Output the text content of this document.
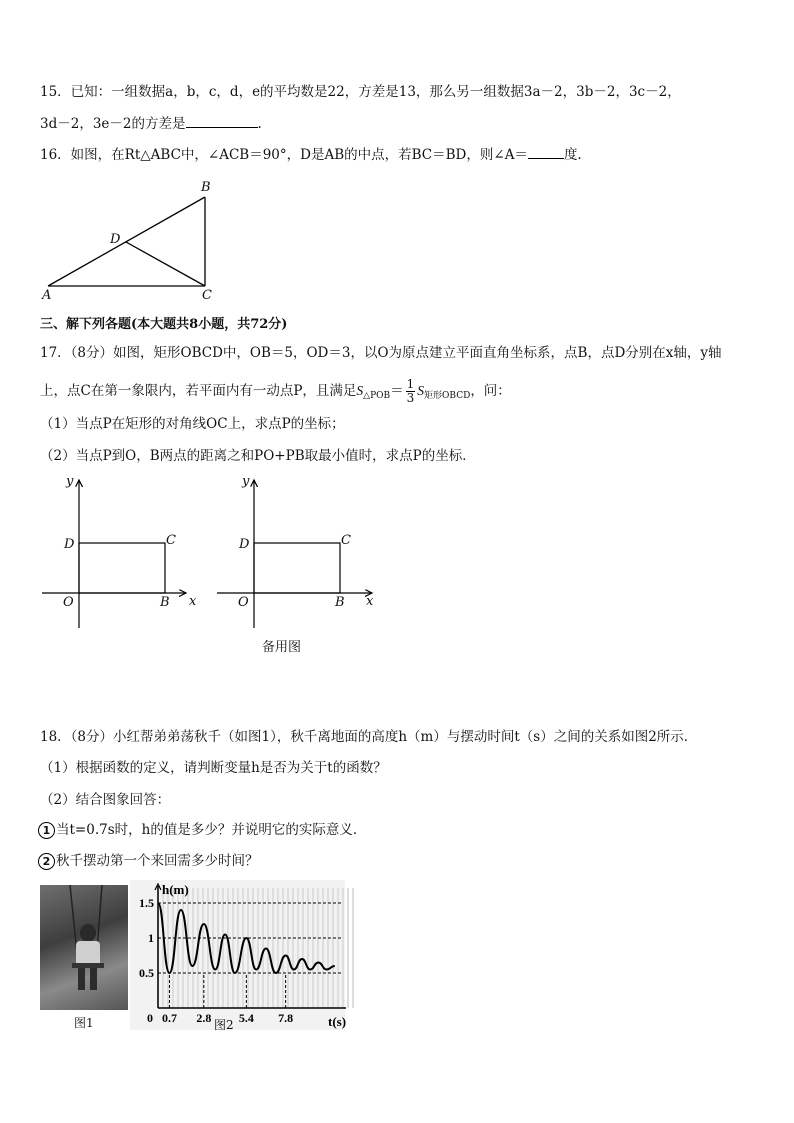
15．已知：一组数据a，b，c，d，e的平均数是22，方差是13，那么另一组数据3a－2，3b－2，3c－2，
3d－2，3e－2的方差是	.
16．如图，在Rt△ABC中，∠ACB＝90°，D是AB的中点，若BC＝BD，则∠A＝	度.
A
B
C
D
三、解下列各题(本大题共8小题，共72分)
17．（8分）如图，矩形OBCD中，OB＝5，OD＝3，以O为原点建立平面直角坐标系，点B，点D分别在x轴，y轴
上，点C在第一象限内，若平面内有一动点P，且满足$S_{\triangle POB}= \frac{1}{3} S_{矩形OBCD}$，问：
（1）当点P在矩形的对角线OC上，求点P的坐标；
（2）当点P到O，B两点的距离之和PO+PB取最小值时，求点P的坐标．
y
x
O	B
C
D
y
x
O	B
C
D
备用图
18．（8分）小红帮弟弟荡秋千（如图1），秋千离地面的高度h（m）与摆动时间t（s）之间的关系如图2所示．
（1）根据函数的定义，请判断变量h是否为关于t的函数？
（2）结合图象回答：
1 当t=0.7s时，h的值是多少？并说明它的实际意义．
2 秋千摆动第一个来回需多少时间？
图1
1.5
1
0.5
0 0.7 2.8 5.4 7.8
h(m)
t(s)
图2
